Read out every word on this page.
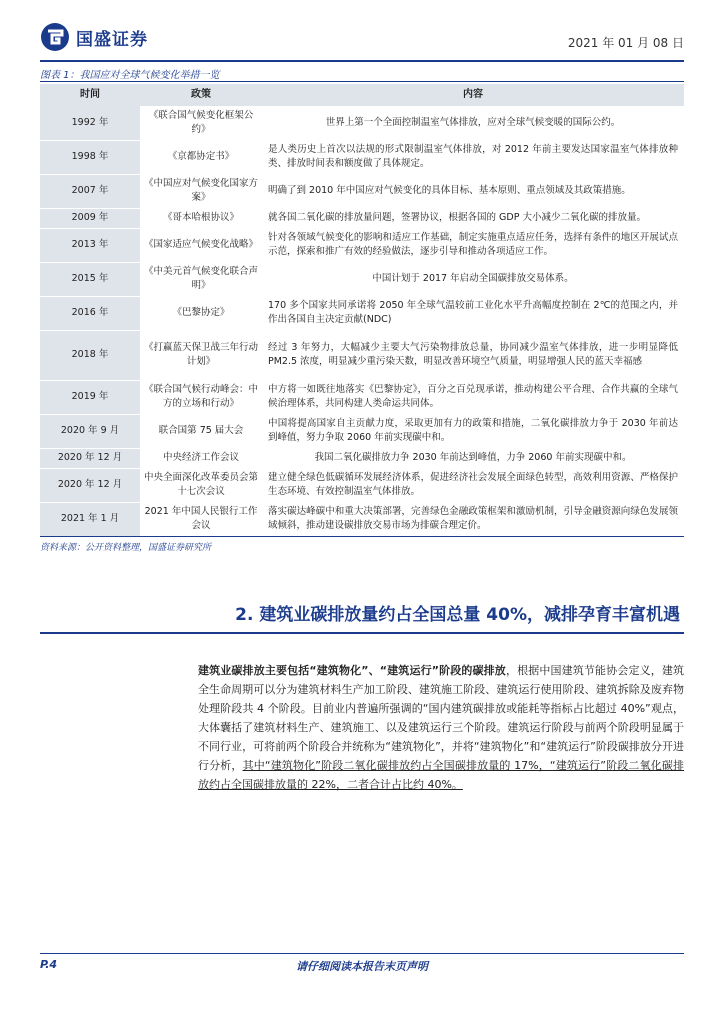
国盛证券	2021 年 01 月 08 日
图表 1：我国应对全球气候变化举措一览
时间	政策	内容
1992 年	《联合国气候变化框架公约》	世界上第一个全面控制温室气体排放，应对全球气候变暖的国际公约。
1998 年	《京都协定书》	是人类历史上首次以法规的形式限制温室气体排放，对 2012 年前主要发达国家温室气体排放种类、排放时间表和额度做了具体规定。
2007 年	《中国应对气候变化国家方案》	明确了到 2010 年中国应对气候变化的具体目标、基本原则、重点领域及其政策措施。
2009 年	《哥本哈根协议》	就各国二氧化碳的排放量问题，签署协议，根据各国的 GDP 大小减少二氧化碳的排放量。
2013 年	《国家适应气候变化战略》	针对各领域气候变化的影响和适应工作基础，制定实施重点适应任务，选择有条件的地区开展试点示范，探索和推广有效的经验做法，逐步引导和推动各项适应工作。
2015 年	《中美元首气候变化联合声明》	中国计划于 2017 年启动全国碳排放交易体系。
2016 年	《巴黎协定》	170 多个国家共同承诺将 2050 年全球气温较前工业化水平升高幅度控制在 2℃的范围之内，并作出各国自主决定贡献(NDC)
2018 年	《打赢蓝天保卫战三年行动计划》	经过 3 年努力，大幅减少主要大气污染物排放总量，协同减少温室气体排放，进一步明显降低 PM2.5 浓度，明显减少重污染天数，明显改善环境空气质量，明显增强人民的蓝天幸福感
2019 年	《联合国气候行动峰会：中方的立场和行动》	中方将一如既往地落实《巴黎协定》，百分之百兑现承诺，推动构建公平合理、合作共赢的全球气候治理体系，共同构建人类命运共同体。
2020 年 9 月	联合国第 75 届大会	中国将提高国家自主贡献力度，采取更加有力的政策和措施，二氧化碳排放力争于 2030 年前达到峰值，努力争取 2060 年前实现碳中和。
2020 年 12 月	中央经济工作会议	我国二氧化碳排放力争 2030 年前达到峰值，力争 2060 年前实现碳中和。
2020 年 12 月	中央全面深化改革委员会第十七次会议	建立健全绿色低碳循环发展经济体系，促进经济社会发展全面绿色转型，高效利用资源、严格保护生态环境、有效控制温室气体排放。
2021 年 1 月	2021 年中国人民银行工作会议	落实碳达峰碳中和重大决策部署，完善绿色金融政策框架和激励机制，引导金融资源向绿色发展领域倾斜，推动建设碳排放交易市场为排碳合理定价。
资料来源：公开资料整理，国盛证券研究所
2. 建筑业碳排放量约占全国总量 40%，减排孕育丰富机遇
建筑业碳排放主要包括“建筑物化”、“建筑运行”阶段的碳排放，根据中国建筑节能协会定义，建筑全生命周期可以分为建筑材料生产加工阶段、建筑施工阶段、建筑运行使用阶段、建筑拆除及废弃物处理阶段共 4 个阶段。目前业内普遍所强调的“国内建筑碳排放或能耗等指标占比超过 40%”观点，大体囊括了建筑材料生产、建筑施工、以及建筑运行三个阶段。建筑运行阶段与前两个阶段明显属于不同行业，可将前两个阶段合并统称为“建筑物化”，并将“建筑物化”和“建筑运行”阶段碳排放分开进行分析，其中“建筑物化”阶段二氧化碳排放约占全国碳排放量的 17%，“建筑运行”阶段二氧化碳排放约占全国碳排放量的 22%，二者合计占比约 40%。
P.4	请仔细阅读本报告末页声明
